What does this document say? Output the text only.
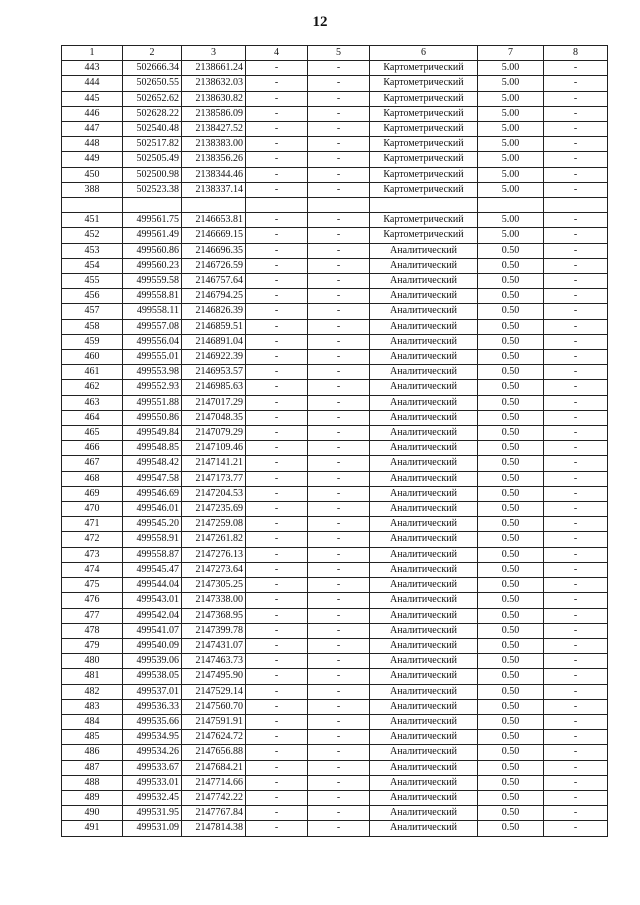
12
1	2	3	4	5	6	7	8
443	502666.34	2138661.24	-	-	Картометрический	5.00	-
444	502650.55	2138632.03	-	-	Картометрический	5.00	-
445	502652.62	2138630.82	-	-	Картометрический	5.00	-
446	502628.22	2138586.09	-	-	Картометрический	5.00	-
447	502540.48	2138427.52	-	-	Картометрический	5.00	-
448	502517.82	2138383.00	-	-	Картометрический	5.00	-
449	502505.49	2138356.26	-	-	Картометрический	5.00	-
450	502500.98	2138344.46	-	-	Картометрический	5.00	-
388	502523.38	2138337.14	-	-	Картометрический	5.00	-

451	499561.75	2146653.81	-	-	Картометрический	5.00	-
452	499561.49	2146669.15	-	-	Картометрический	5.00	-
453	499560.86	2146696.35	-	-	Аналитический	0.50	-
454	499560.23	2146726.59	-	-	Аналитический	0.50	-
455	499559.58	2146757.64	-	-	Аналитический	0.50	-
456	499558.81	2146794.25	-	-	Аналитический	0.50	-
457	499558.11	2146826.39	-	-	Аналитический	0.50	-
458	499557.08	2146859.51	-	-	Аналитический	0.50	-
459	499556.04	2146891.04	-	-	Аналитический	0.50	-
460	499555.01	2146922.39	-	-	Аналитический	0.50	-
461	499553.98	2146953.57	-	-	Аналитический	0.50	-
462	499552.93	2146985.63	-	-	Аналитический	0.50	-
463	499551.88	2147017.29	-	-	Аналитический	0.50	-
464	499550.86	2147048.35	-	-	Аналитический	0.50	-
465	499549.84	2147079.29	-	-	Аналитический	0.50	-
466	499548.85	2147109.46	-	-	Аналитический	0.50	-
467	499548.42	2147141.21	-	-	Аналитический	0.50	-
468	499547.58	2147173.77	-	-	Аналитический	0.50	-
469	499546.69	2147204.53	-	-	Аналитический	0.50	-
470	499546.01	2147235.69	-	-	Аналитический	0.50	-
471	499545.20	2147259.08	-	-	Аналитический	0.50	-
472	499558.91	2147261.82	-	-	Аналитический	0.50	-
473	499558.87	2147276.13	-	-	Аналитический	0.50	-
474	499545.47	2147273.64	-	-	Аналитический	0.50	-
475	499544.04	2147305.25	-	-	Аналитический	0.50	-
476	499543.01	2147338.00	-	-	Аналитический	0.50	-
477	499542.04	2147368.95	-	-	Аналитический	0.50	-
478	499541.07	2147399.78	-	-	Аналитический	0.50	-
479	499540.09	2147431.07	-	-	Аналитический	0.50	-
480	499539.06	2147463.73	-	-	Аналитический	0.50	-
481	499538.05	2147495.90	-	-	Аналитический	0.50	-
482	499537.01	2147529.14	-	-	Аналитический	0.50	-
483	499536.33	2147560.70	-	-	Аналитический	0.50	-
484	499535.66	2147591.91	-	-	Аналитический	0.50	-
485	499534.95	2147624.72	-	-	Аналитический	0.50	-
486	499534.26	2147656.88	-	-	Аналитический	0.50	-
487	499533.67	2147684.21	-	-	Аналитический	0.50	-
488	499533.01	2147714.66	-	-	Аналитический	0.50	-
489	499532.45	2147742.22	-	-	Аналитический	0.50	-
490	499531.95	2147767.84	-	-	Аналитический	0.50	-
491	499531.09	2147814.38	-	-	Аналитический	0.50	-
